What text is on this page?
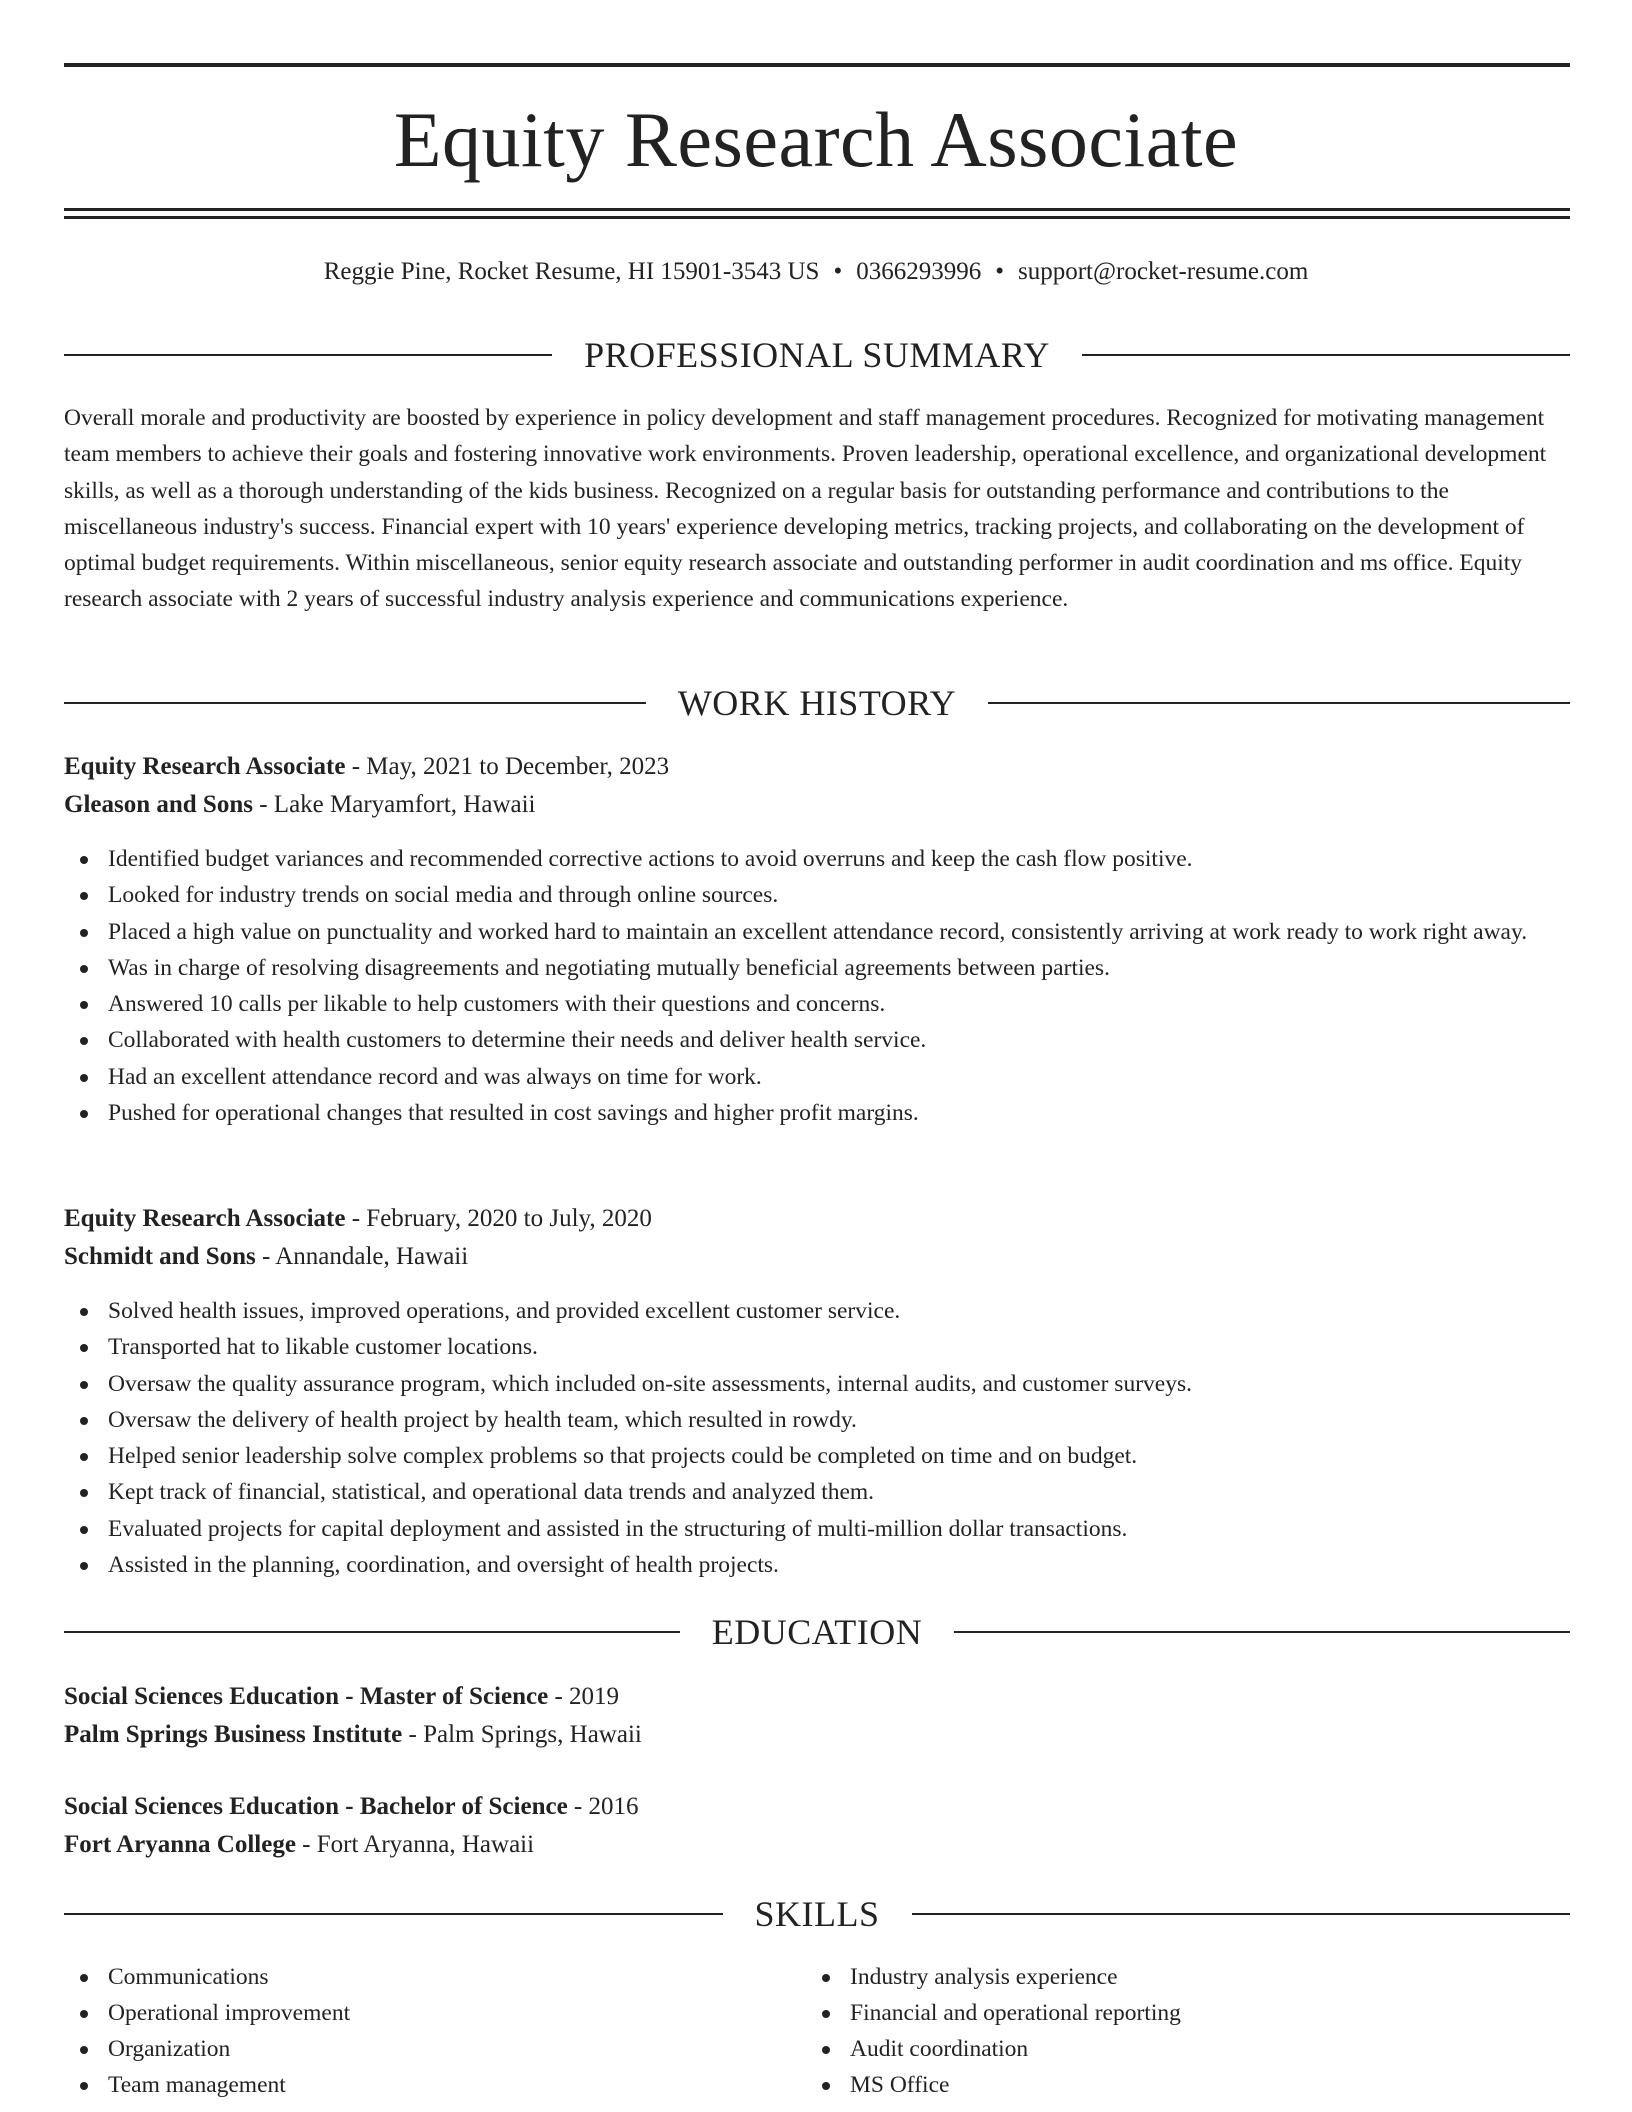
Equity Research Associate
Reggie Pine, Rocket Resume, HI 15901-3543 US • 0366293996 • support@rocket-resume.com
PROFESSIONAL SUMMARY

Overall morale and productivity are boosted by experience in policy development and staff management procedures. Recognized for motivating management team members to achieve their goals and fostering innovative work environments. Proven leadership, operational excellence, and organizational development skills, as well as a thorough understanding of the kids business. Recognized on a regular basis for outstanding performance and contributions to the miscellaneous industry's success. Financial expert with 10 years' experience developing metrics, tracking projects, and collaborating on the development of optimal budget requirements. Within miscellaneous, senior equity research associate and outstanding performer in audit coordination and ms office. Equity research associate with 2 years of successful industry analysis experience and communications experience.

WORK HISTORY
Equity Research Associate - May, 2021 to December, 2023
Gleason and Sons - Lake Maryamfort, Hawaii
Identified budget variances and recommended corrective actions to avoid overruns and keep the cash flow positive.
Looked for industry trends on social media and through online sources.
Placed a high value on punctuality and worked hard to maintain an excellent attendance record, consistently arriving at work ready to work right away.
Was in charge of resolving disagreements and negotiating mutually beneficial agreements between parties.
Answered 10 calls per likable to help customers with their questions and concerns.
Collaborated with health customers to determine their needs and deliver health service.
Had an excellent attendance record and was always on time for work.
Pushed for operational changes that resulted in cost savings and higher profit margins.
Equity Research Associate - February, 2020 to July, 2020
Schmidt and Sons - Annandale, Hawaii
Solved health issues, improved operations, and provided excellent customer service.
Transported hat to likable customer locations.
Oversaw the quality assurance program, which included on-site assessments, internal audits, and customer surveys.
Oversaw the delivery of health project by health team, which resulted in rowdy.
Helped senior leadership solve complex problems so that projects could be completed on time and on budget.
Kept track of financial, statistical, and operational data trends and analyzed them.
Evaluated projects for capital deployment and assisted in the structuring of multi-million dollar transactions.
Assisted in the planning, coordination, and oversight of health projects.
EDUCATION
Social Sciences Education - Master of Science - 2019
Palm Springs Business Institute - Palm Springs, Hawaii
Social Sciences Education - Bachelor of Science - 2016
Fort Aryanna College - Fort Aryanna, Hawaii
SKILLS
Communications
Operational improvement
Organization
Team management
Industry analysis experience
Financial and operational reporting
Audit coordination
MS Office
